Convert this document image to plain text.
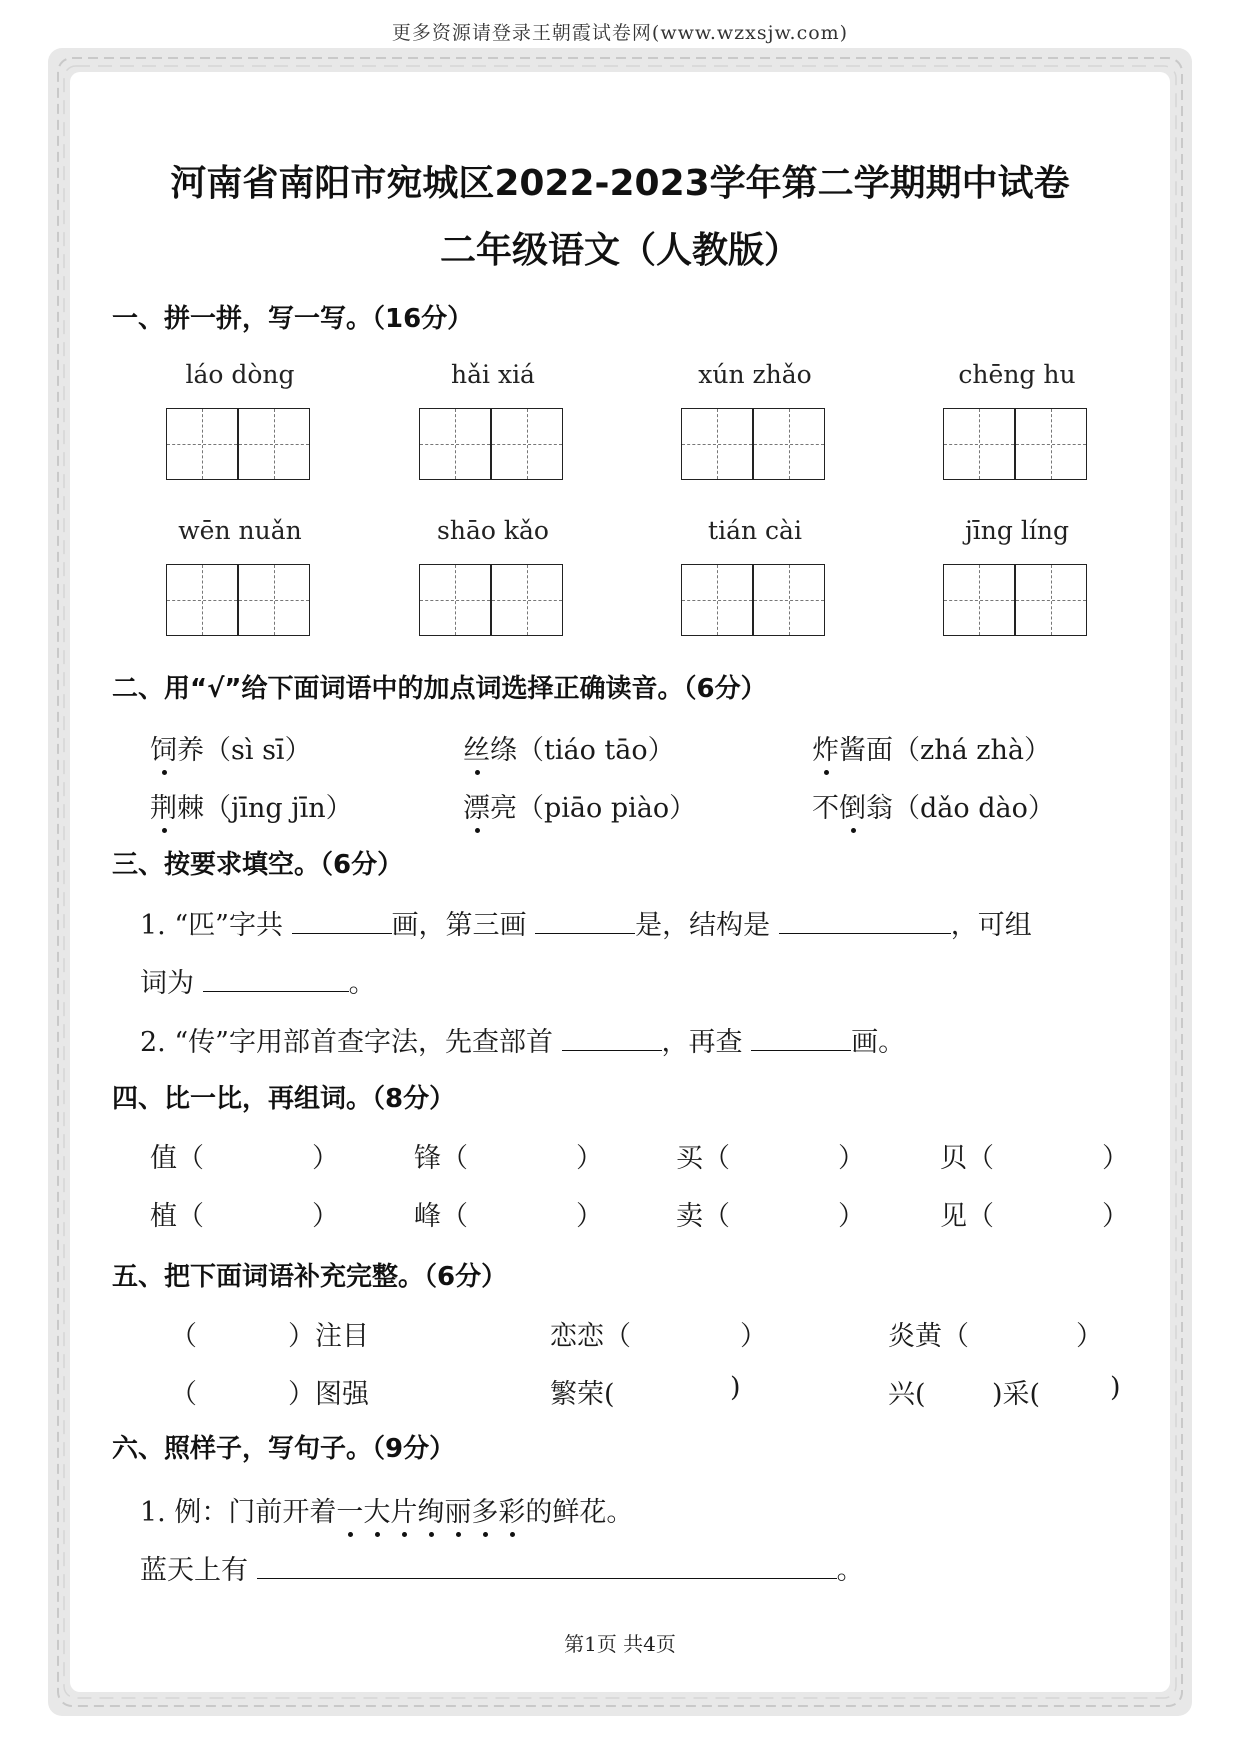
更多资源请登录王朝霞试卷网(www.wzxsjw.com)
河南省南阳市宛城区2022-2023学年第二学期期中试卷
二年级语文（人教版）
一、拼一拼，写一写。（16分）
láo dòng	hǎi xiá	xún zhǎo	chēng hu
wēn nuǎn	shāo kǎo	tián cài	jīng líng
二、用“√”给下面词语中的加点词选择正确读音。（6分）
饲养（sì sī）	丝绦（tiáo tāo）	炸酱面（zhá zhà）
荆棘（jīng jīn）	漂亮（piāo piào）	不倒翁（dǎo dào）
三、按要求填空。（6分）
1. “匹”字共	画，第三画	是，结构是	，可组
词为	。
2. “传”字用部首查字法，先查部首	，再查	画。
四、比一比，再组词。（8分）
值（	）	锋（	）	买（	）	贝（	）
植（	）	峰（	）	卖（	）	见（	）
五、把下面词语补充完整。（6分）
（	）注目	恋恋（	）	炎黄（	）
（	）图强	繁荣(	)	兴( )采(	)
六、照样子，写句子。（9分）
1. 例：门前开着一大片绚丽多彩的鲜花。
蓝天上有	。
第1页 共4页
